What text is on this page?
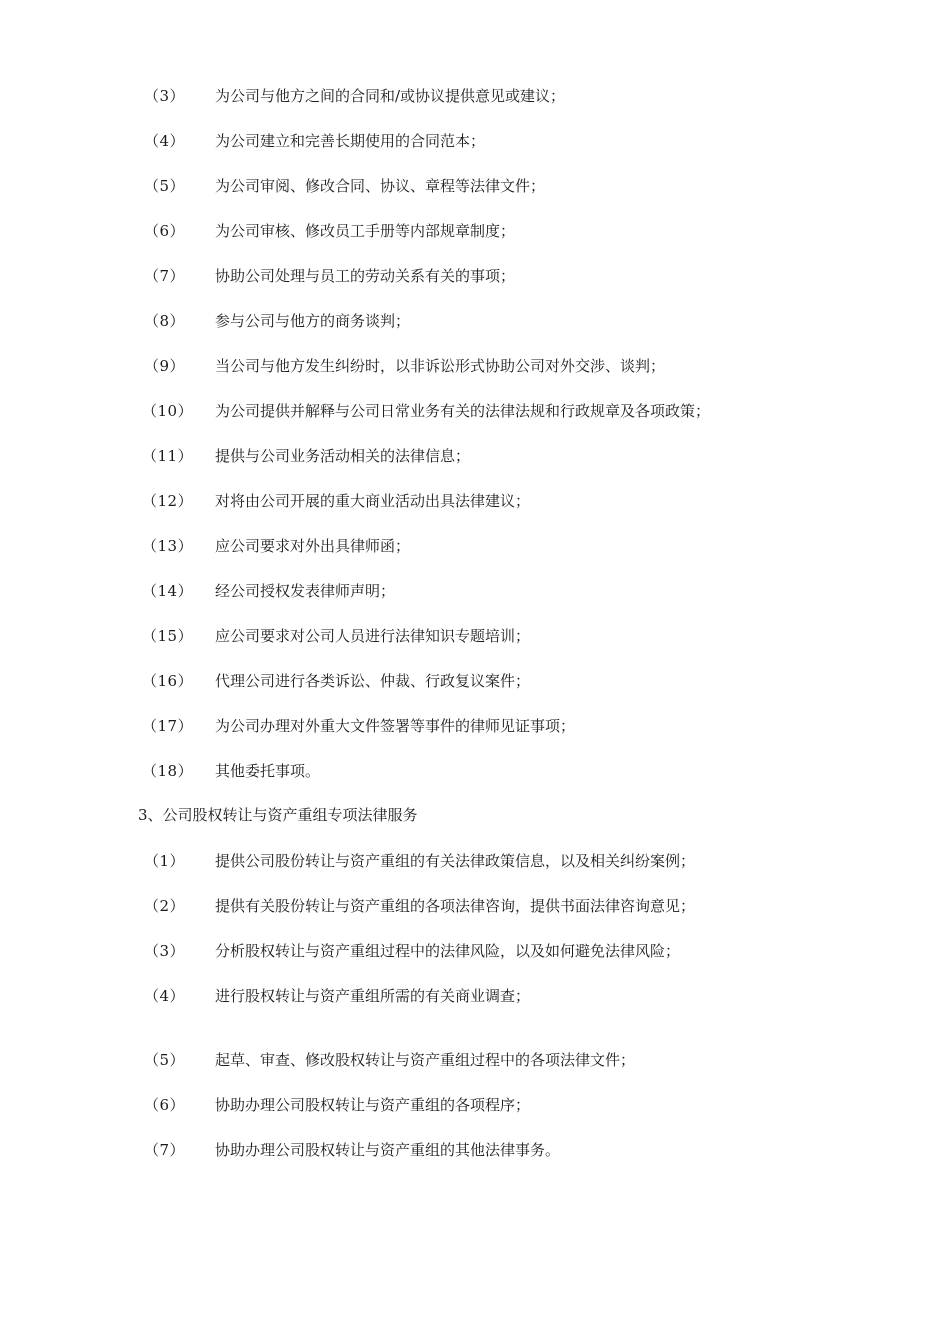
（3） 为公司与他方之间的合同和/或协议提供意见或建议；
（4） 为公司建立和完善长期使用的合同范本；
（5） 为公司审阅、修改合同、协议、章程等法律文件；
（6） 为公司审核、修改员工手册等内部规章制度；
（7） 协助公司处理与员工的劳动关系有关的事项；
（8） 参与公司与他方的商务谈判；
（9） 当公司与他方发生纠纷时，以非诉讼形式协助公司对外交涉、谈判；
（10） 为公司提供并解释与公司日常业务有关的法律法规和行政规章及各项政策；
（11） 提供与公司业务活动相关的法律信息；
（12） 对将由公司开展的重大商业活动出具法律建议；
（13） 应公司要求对外出具律师函；
（14） 经公司授权发表律师声明；
（15） 应公司要求对公司人员进行法律知识专题培训；
（16） 代理公司进行各类诉讼、仲裁、行政复议案件；
（17） 为公司办理对外重大文件签署等事件的律师见证事项；
（18） 其他委托事项。
3、公司股权转让与资产重组专项法律服务
（1） 提供公司股份转让与资产重组的有关法律政策信息，以及相关纠纷案例；
（2） 提供有关股份转让与资产重组的各项法律咨询，提供书面法律咨询意见；
（3） 分析股权转让与资产重组过程中的法律风险，以及如何避免法律风险；
（4） 进行股权转让与资产重组所需的有关商业调查；
（5） 起草、审查、修改股权转让与资产重组过程中的各项法律文件；
（6） 协助办理公司股权转让与资产重组的各项程序；
（7） 协助办理公司股权转让与资产重组的其他法律事务。
